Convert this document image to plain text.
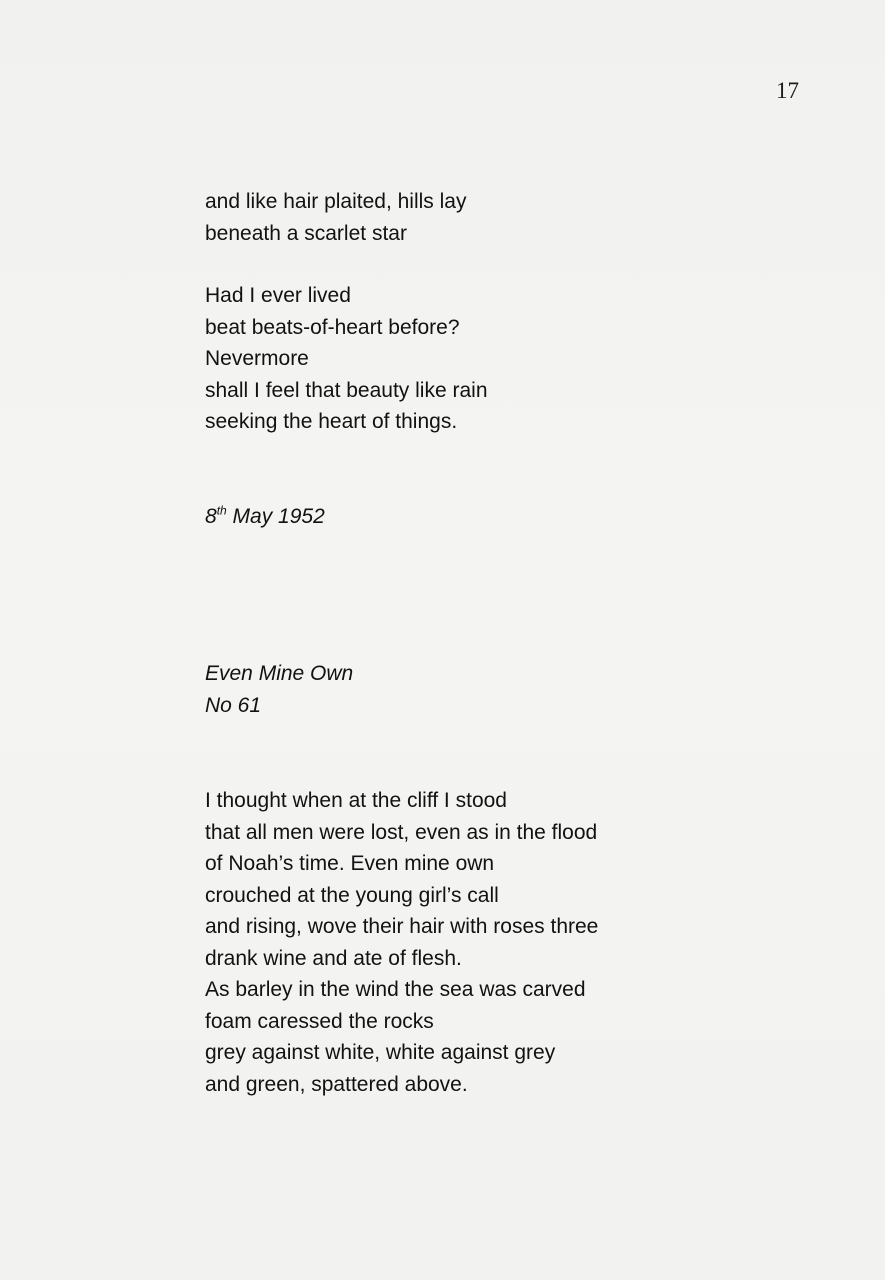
17
and like hair plaited, hills lay
beneath a scarlet star
Had I ever lived
beat beats-of-heart before?
Nevermore
shall I feel that beauty like rain
seeking the heart of things.
8th May 1952
Even Mine Own
No 61
I thought when at the cliff I stood
that all men were lost, even as in the flood
of Noah’s time. Even mine own
crouched at the young girl’s call
and rising, wove their hair with roses three
drank wine and ate of flesh.
As barley in the wind the sea was carved
foam caressed the rocks
grey against white, white against grey
and green, spattered above.
